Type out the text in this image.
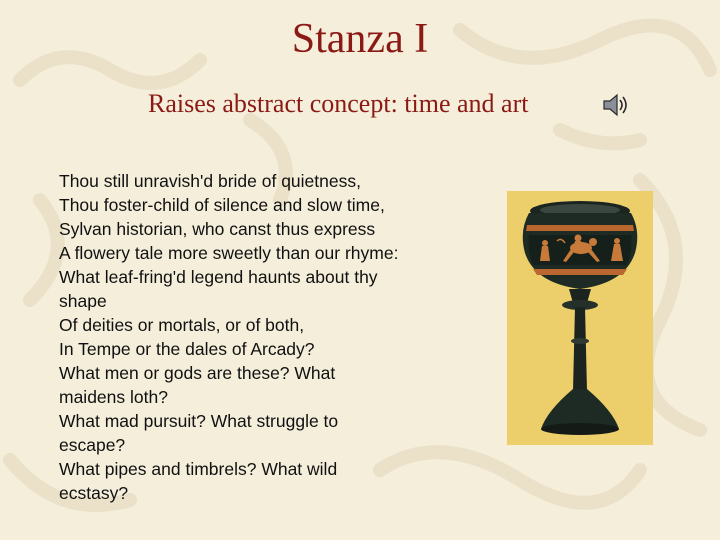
Stanza I
Raises abstract concept: time and art
Thou still unravish'd bride of quietness,
Thou foster-child of silence and slow time,
Sylvan historian, who canst thus express
A flowery tale more sweetly than our rhyme:
What leaf-fring'd legend haunts about thy
shape
Of deities or mortals, or of both,
In Tempe or the dales of Arcady?
What men or gods are these? What
maidens loth?
What mad pursuit? What struggle to
escape?
What pipes and timbrels? What wild
ecstasy?
